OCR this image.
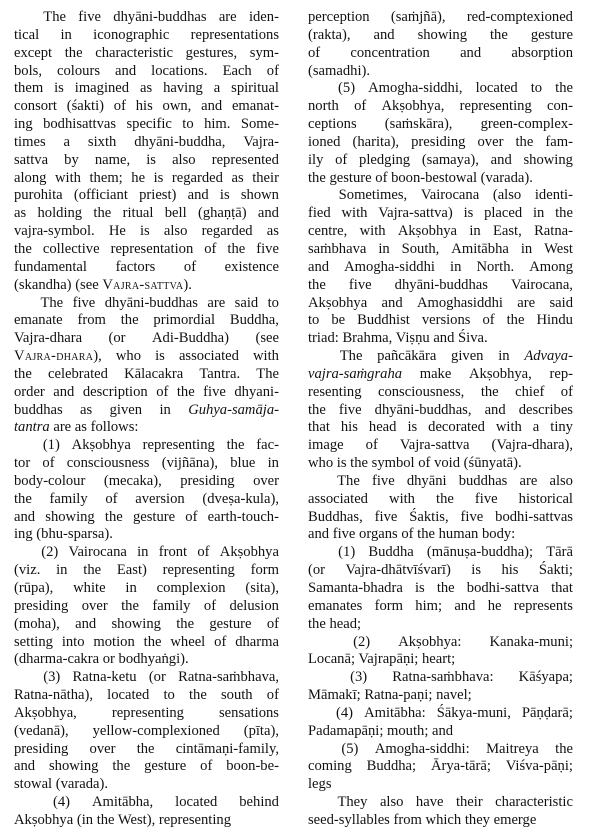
The five dhyāni-buddhas are iden-
tical in iconographic representations
except the characteristic gestures, sym-
bols, colours and locations. Each of
them is imagined as having a spiritual
consort (śakti) of his own, and emanat-
ing bodhisattvas specific to him. Some-
times a sixth dhyāni-buddha, Vajra-
sattva by name, is also represented
along with them; he is regarded as their
purohita (officiant priest) and is shown
as holding the ritual bell (ghaṇṭā) and
vajra-symbol. He is also regarded as
the collective representation of the five
fundamental factors of existence
(skandha) (see Vajra-sattva).
The five dhyāni-buddhas are said to
emanate from the primordial Buddha,
Vajra-dhara (or Adi-Buddha) (see
Vajra-dhara), who is associated with
the celebrated Kālacakra Tantra. The
order and description of the five dhyani-
buddhas as given in Guhya-samāja-
tantra are as follows:
(1) Akṣobhya representing the fac-
tor of consciousness (vijñāna), blue in
body-colour (mecaka), presiding over
the family of aversion (dveṣa-kula),
and showing the gesture of earth-touch-
ing (bhu-sparsa).
(2) Vairocana in front of Akṣobhya
(viz. in the East) representing form
(rūpa), white in complexion (sita),
presiding over the family of delusion
(moha), and showing the gesture of
setting into motion the wheel of dharma
(dharma-cakra or bodhyaṅgi).
(3) Ratna-ketu (or Ratna-saṁbhava,
Ratna-nātha), located to the south of
Akṣobhya, representing sensations
(vedanā), yellow-complexioned (pīta),
presiding over the cintāmaṇi-family,
and showing the gesture of boon-be-
stowal (varada).
(4) Amitābha, located behind
Akṣobhya (in the West), representing
perception (saṁjñā), red-comptexioned
(rakta), and showing the gesture
of concentration and absorption
(samadhi).
(5) Amogha-siddhi, located to the
north of Akṣobhya, representing con-
ceptions (saṁskāra), green-complex-
ioned (harita), presiding over the fam-
ily of pledging (samaya), and showing
the gesture of boon-bestowal (varada).
Sometimes, Vairocana (also identi-
fied with Vajra-sattva) is placed in the
centre, with Akṣobhya in East, Ratna-
saṁbhava in South, Amitābha in West
and Amogha-siddhi in North. Among
the five dhyāni-buddhas Vairocana,
Akṣobhya and Amoghasiddhi are said
to be Buddhist versions of the Hindu
triad: Brahma, Viṣṇu and Śiva.
The pañcākāra given in Advaya-
vajra-saṁgraha make Akṣobhya, rep-
resenting consciousness, the chief of
the five dhyāni-buddhas, and describes
that his head is decorated with a tiny
image of Vajra-sattva (Vajra-dhara),
who is the symbol of void (śūnyatā).
The five dhyāni buddhas are also
associated with the five historical
Buddhas, five Śaktis, five bodhi-sattvas
and five organs of the human body:
(1) Buddha (mānuṣa-buddha); Tārā
(or Vajra-dhātvīśvarī) is his Śakti;
Samanta-bhadra is the bodhi-sattva that
emanates form him; and he represents
the head;
(2) Akṣobhya: Kanaka-muni;
Locanā; Vajrapāṇi; heart;
(3) Ratna-saṁbhava: Kāśyapa;
Māmakī; Ratna-paṇi; navel;
(4) Amitābha: Śākya-muni, Pāṇḍarā;
Padamapāṇi; mouth; and
(5) Amogha-siddhi: Maitreya the
coming Buddha; Ārya-tārā; Viśva-pāṇi;
legs
They also have their characteristic
seed-syllables from which they emerge
